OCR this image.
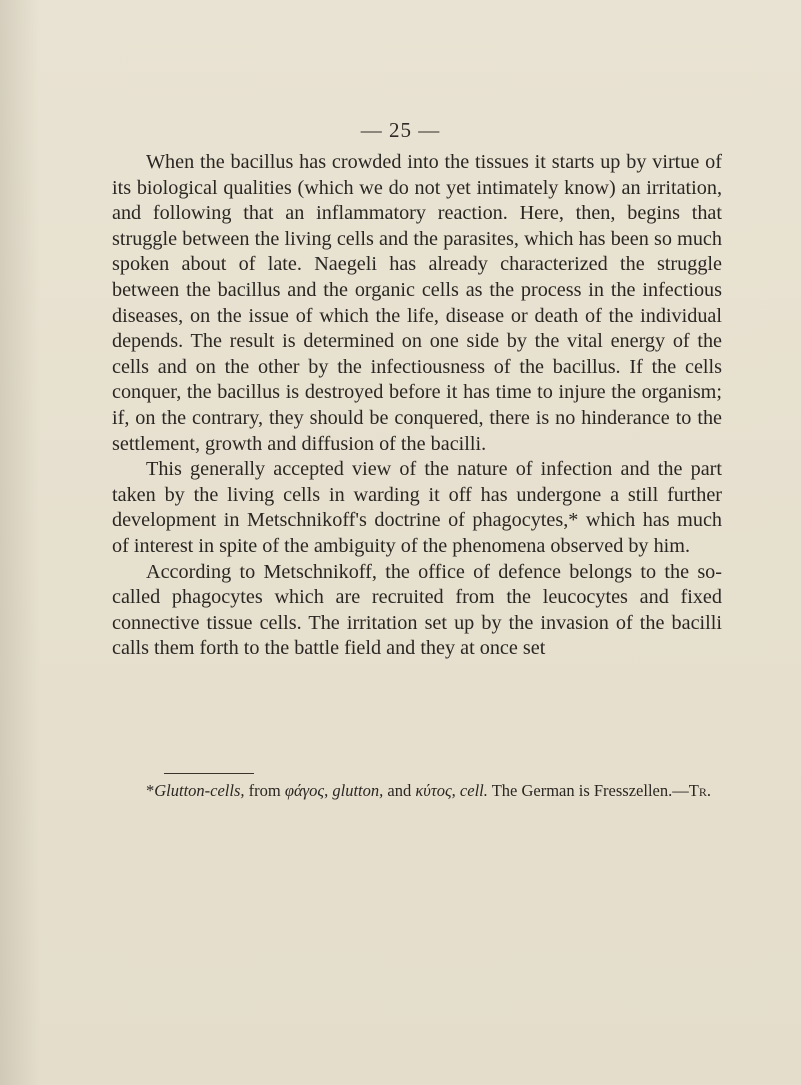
— 25 —

When the bacillus has crowded into the tissues it starts up by virtue of its biological qualities (which we do not yet intimately know) an irritation, and following that an inflammatory reaction. Here, then, begins that struggle between the living cells and the parasites, which has been so much spoken about of late. Naegeli has already characterized the struggle between the bacillus and the organic cells as the process in the infectious diseases, on the issue of which the life, disease or death of the individual depends. The result is determined on one side by the vital energy of the cells and on the other by the infectiousness of the bacillus. If the cells conquer, the bacillus is destroyed before it has time to injure the organism; if, on the contrary, they should be conquered, there is no hinderance to the settlement, growth and diffusion of the bacilli.

This generally accepted view of the nature of infection and the part taken by the living cells in warding it off has undergone a still further development in Metschnikoff's doctrine of phagocytes,* which has much of interest in spite of the ambiguity of the phenomena observed by him.

According to Metschnikoff, the office of defence belongs to the so-called phagocytes which are recruited from the leucocytes and fixed connective tissue cells. The irritation set up by the invasion of the bacilli calls them forth to the battle field and they at once set

*Glutton-cells, from φάγος, glutton, and κύτος, cell. The German is Fresszellen.—Tr.
